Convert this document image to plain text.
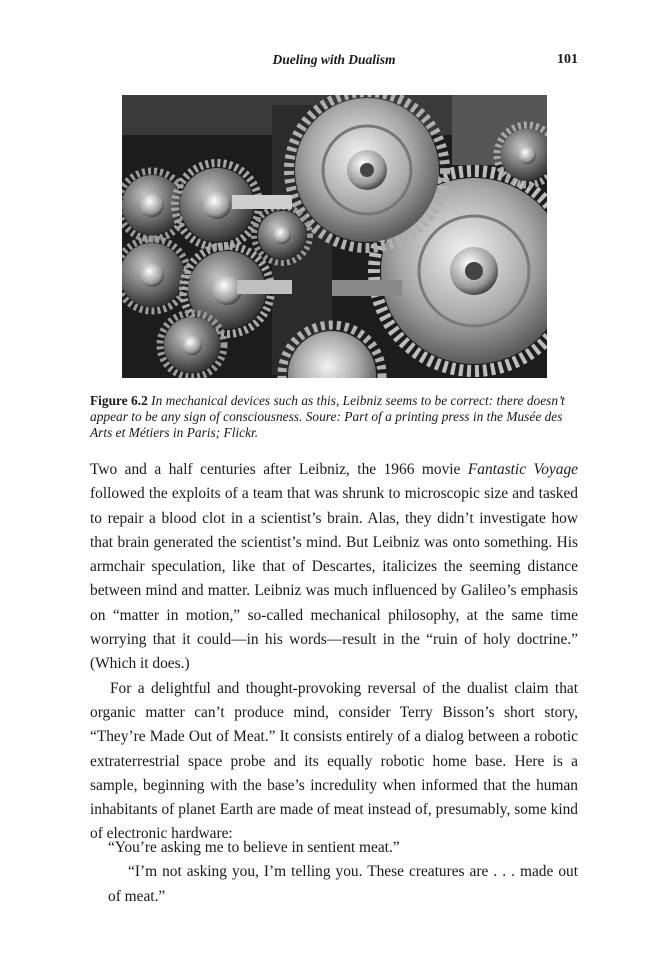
Dueling with Dualism	101
Figure 6.2 In mechanical devices such as this, Leibniz seems to be correct: there doesn’t appear to be any sign of consciousness. Soure: Part of a printing press in the Musée des Arts et Métiers in Paris; Flickr.

Two and a half centuries after Leibniz, the 1966 movie Fantastic Voyage followed the exploits of a team that was shrunk to microscopic size and tasked to repair a blood clot in a scientist’s brain. Alas, they didn’t investigate how that brain generated the scientist’s mind. But Leibniz was onto something. His armchair speculation, like that of Descartes, italicizes the seeming distance between mind and matter. Leibniz was much influenced by Galileo’s emphasis on “matter in motion,” so-called mechanical philosophy, at the same time worrying that it could—in his words—result in the “ruin of holy doctrine.” (Which it does.)

For a delightful and thought-provoking reversal of the dualist claim that organic matter can’t produce mind, consider Terry Bisson’s short story, “They’re Made Out of Meat.” It consists entirely of a dialog between a robotic extraterrestrial space probe and its equally robotic home base. Here is a sample, beginning with the base’s incredulity when informed that the human inhabitants of planet Earth are made of meat instead of, presumably, some kind of electronic hardware:

“You’re asking me to believe in sentient meat.”

“I’m not asking you, I’m telling you. These creatures are . . . made out of meat.”
